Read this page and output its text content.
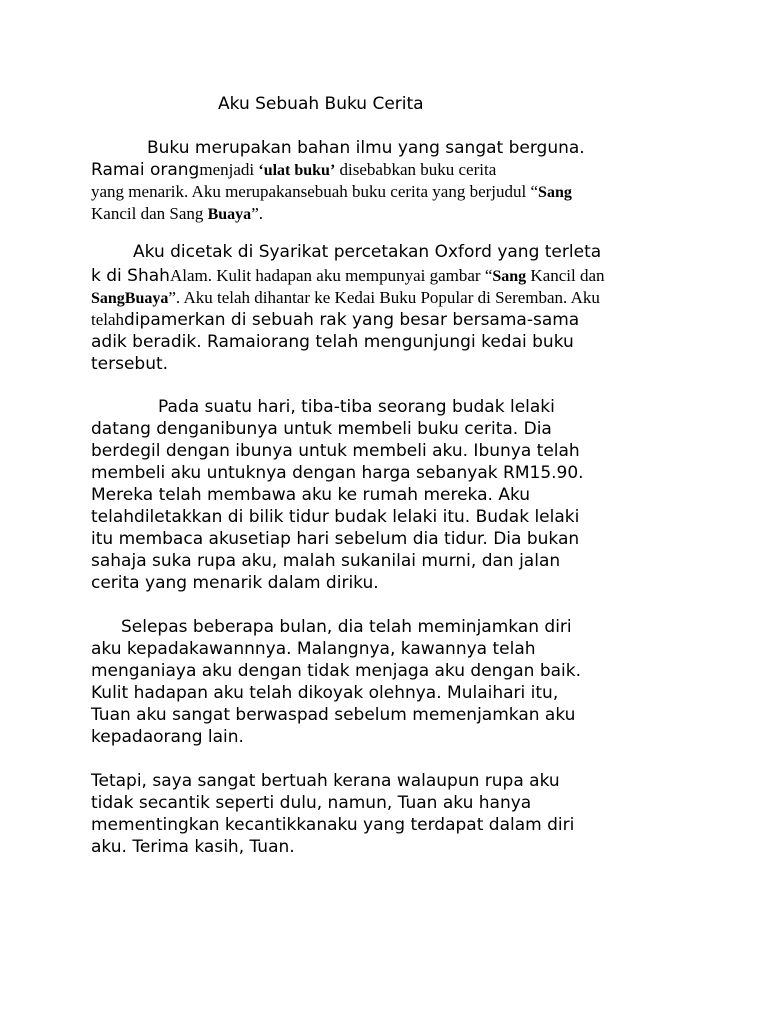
Aku Sebuah Buku Cerita
Buku merupakan bahan ilmu yang sangat berguna.
Ramai orangmenjadi ‘ulat buku’ disebabkan buku cerita
yang menarik. Aku merupakansebuah buku cerita yang berjudul “Sang
Kancil dan Sang Buaya”.
Aku dicetak di Syarikat percetakan Oxford yang terleta
k di ShahAlam. Kulit hadapan aku mempunyai gambar “Sang Kancil dan
SangBuaya”. Aku telah dihantar ke Kedai Buku Popular di Seremban. Aku
telahdipamerkan di sebuah rak yang besar bersama-sama
adik beradik. Ramaiorang telah mengunjungi kedai buku
tersebut.
Pada suatu hari, tiba-tiba seorang budak lelaki
datang denganibunya untuk membeli buku cerita. Dia
berdegil dengan ibunya untuk membeli aku. Ibunya telah
membeli aku untuknya dengan harga sebanyak RM15.90.
Mereka telah membawa aku ke rumah mereka. Aku
telahdiletakkan di bilik tidur budak lelaki itu. Budak lelaki
itu membaca akusetiap hari sebelum dia tidur. Dia bukan
sahaja suka rupa aku, malah sukanilai murni, dan jalan
cerita yang menarik dalam diriku.
Selepas beberapa bulan, dia telah meminjamkan diri
aku kepadakawannnya. Malangnya, kawannya telah
menganiaya aku dengan tidak menjaga aku dengan baik.
Kulit hadapan aku telah dikoyak olehnya. Mulaihari itu,
Tuan aku sangat berwaspad sebelum memenjamkan aku
kepadaorang lain.
Tetapi, saya sangat bertuah kerana walaupun rupa aku
tidak secantik seperti dulu, namun, Tuan aku hanya
mementingkan kecantikkanaku yang terdapat dalam diri
aku. Terima kasih, Tuan.
